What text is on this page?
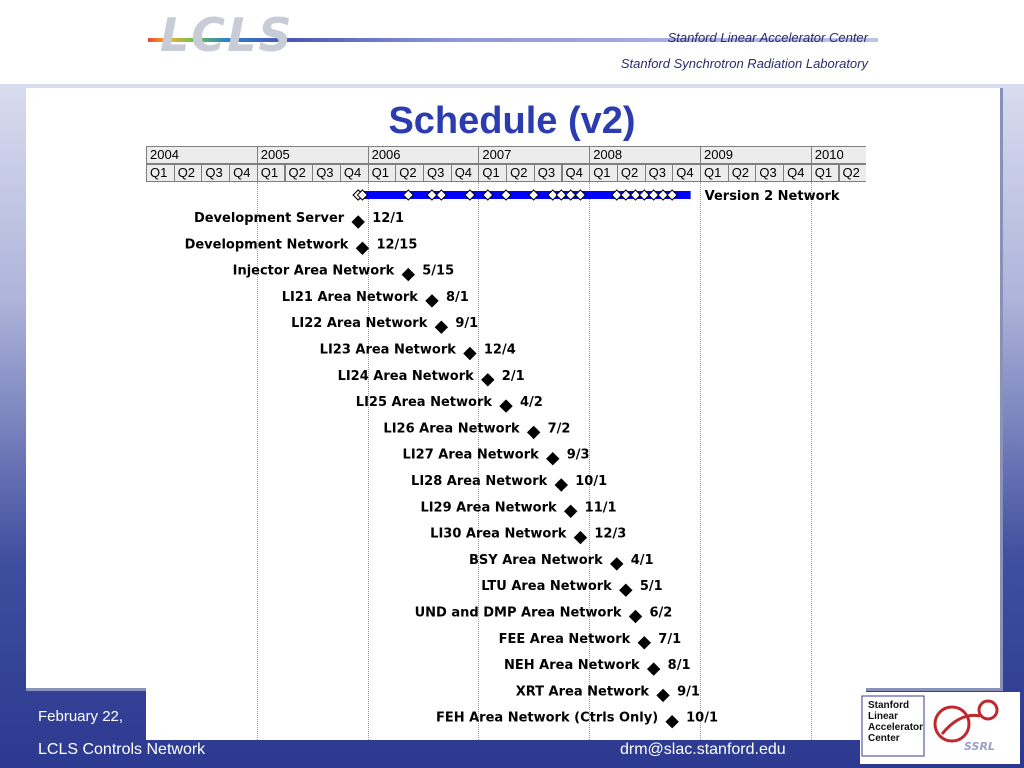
LCLS	Stanford Linear Accelerator Center
Stanford Synchrotron Radiation Laboratory
Schedule (v2)
2004	2005	2006	2007	2008	2009	2010
Q1 Q2 Q3 Q4 Q1 Q2 Q3 Q4 Q1 Q2 Q3 Q4 Q1 Q2 Q3 Q4 Q1 Q2 Q3 Q4 Q1 Q2 Q3 Q4 Q1 Q2
Version 2 Network
Development Server 12/1
Development Network 12/15
Injector Area Network 5/15
LI21 Area Network 8/1
LI22 Area Network 9/1
LI23 Area Network 12/4
LI24 Area Network 2/1
LI25 Area Network 4/2
LI26 Area Network 7/2
LI27 Area Network 9/3
LI28 Area Network 10/1
LI29 Area Network 11/1
LI30 Area Network 12/3
BSY Area Network 4/1
LTU Area Network 5/1
UND and DMP Area Network 6/2
FEE Area Network 7/1
NEH Area Network 8/1
XRT Area Network 9/1
FEH Area Network (Ctrls Only) 10/1
February 22,
LCLS Controls Network	drm@slac.stanford.edu
Stanford
Linear
Accelerator
Center
SSRL
